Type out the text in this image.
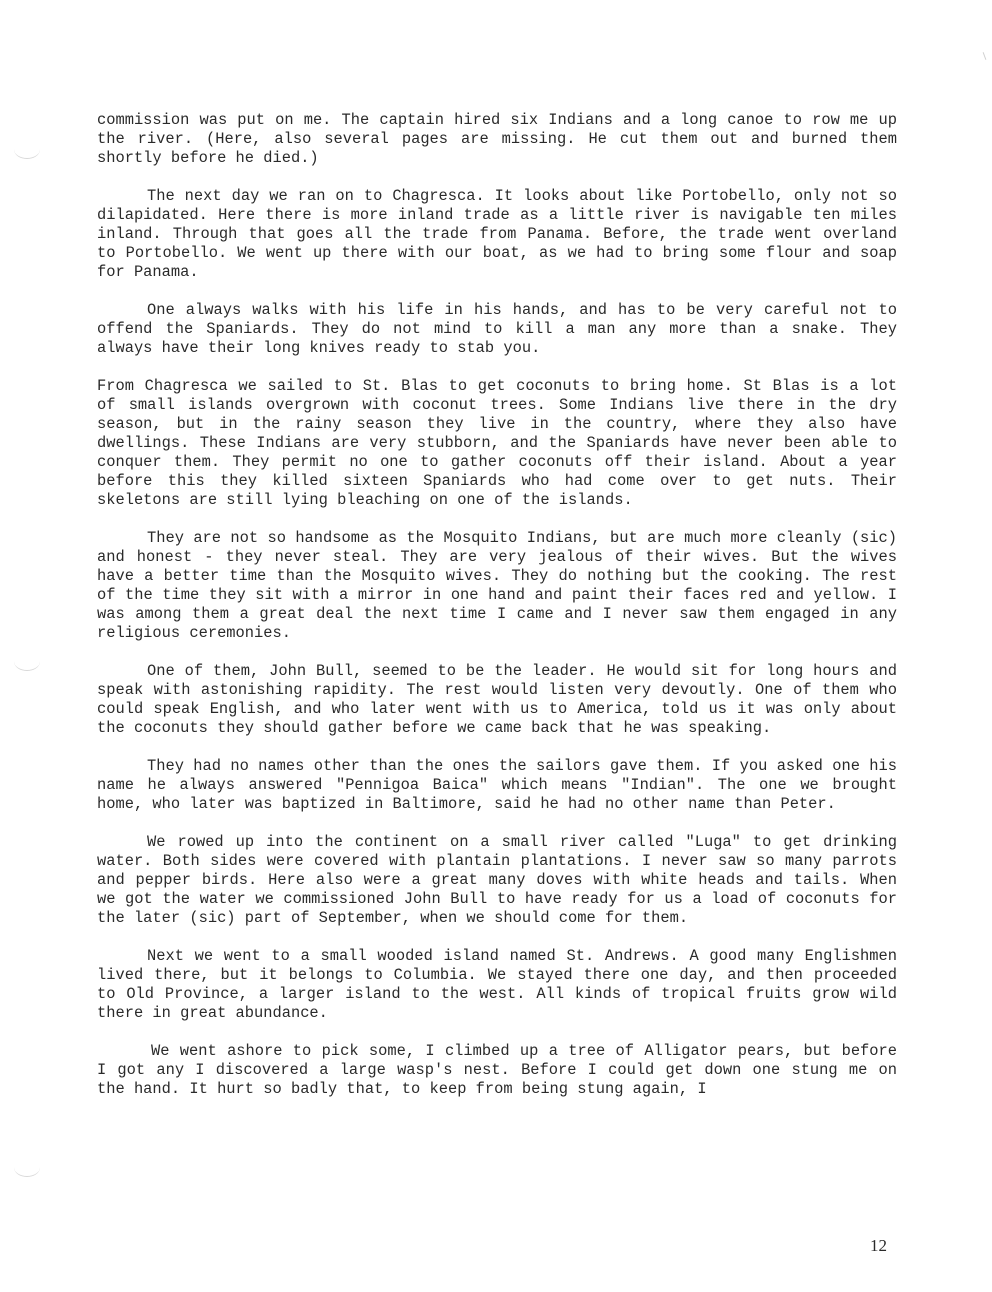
commission was put on me. The captain hired six Indians and a long canoe to row me up the river. (Here, also several pages are missing. He cut them out and burned them shortly before he died.)

The next day we ran on to Chagresca. It looks about like Portobello, only not so dilapidated. Here there is more inland trade as a little river is navigable ten miles inland. Through that goes all the trade from Panama. Before, the trade went overland to Portobello. We went up there with our boat, as we had to bring some flour and soap for Panama.

One always walks with his life in his hands, and has to be very careful not to offend the Spaniards. They do not mind to kill a man any more than a snake. They always have their long knives ready to stab you.

From Chagresca we sailed to St. Blas to get coconuts to bring home. St Blas is a lot of small islands overgrown with coconut trees. Some Indians live there in the dry season, but in the rainy season they live in the country, where they also have dwellings. These Indians are very stubborn, and the Spaniards have never been able to conquer them. They permit no one to gather coconuts off their island. About a year before this they killed sixteen Spaniards who had come over to get nuts. Their skeletons are still lying bleaching on one of the islands.

They are not so handsome as the Mosquito Indians, but are much more cleanly (sic) and honest - they never steal. They are very jealous of their wives. But the wives have a better time than the Mosquito wives. They do nothing but the cooking. The rest of the time they sit with a mirror in one hand and paint their faces red and yellow. I was among them a great deal the next time I came and I never saw them engaged in any religious ceremonies.

One of them, John Bull, seemed to be the leader. He would sit for long hours and speak with astonishing rapidity. The rest would listen very devoutly. One of them who could speak English, and who later went with us to America, told us it was only about the coconuts they should gather before we came back that he was speaking.

They had no names other than the ones the sailors gave them. If you asked one his name he always answered "Pennigoa Baica" which means "Indian". The one we brought home, who later was baptized in Baltimore, said he had no other name than Peter.

We rowed up into the continent on a small river called "Luga" to get drinking water. Both sides were covered with plantain plantations. I never saw so many parrots and pepper birds. Here also were a great many doves with white heads and tails. When we got the water we commissioned John Bull to have ready for us a load of coconuts for the later (sic) part of September, when we should come for them.

Next we went to a small wooded island named St. Andrews. A good many Englishmen lived there, but it belongs to Columbia. We stayed there one day, and then proceeded to Old Province, a larger island to the west. All kinds of tropical fruits grow wild there in great abundance.

We went ashore to pick some, I climbed up a tree of Alligator pears, but before I got any I discovered a large wasp's nest. Before I could get down one stung me on the hand. It hurt so badly that, to keep from being stung again, I

12
